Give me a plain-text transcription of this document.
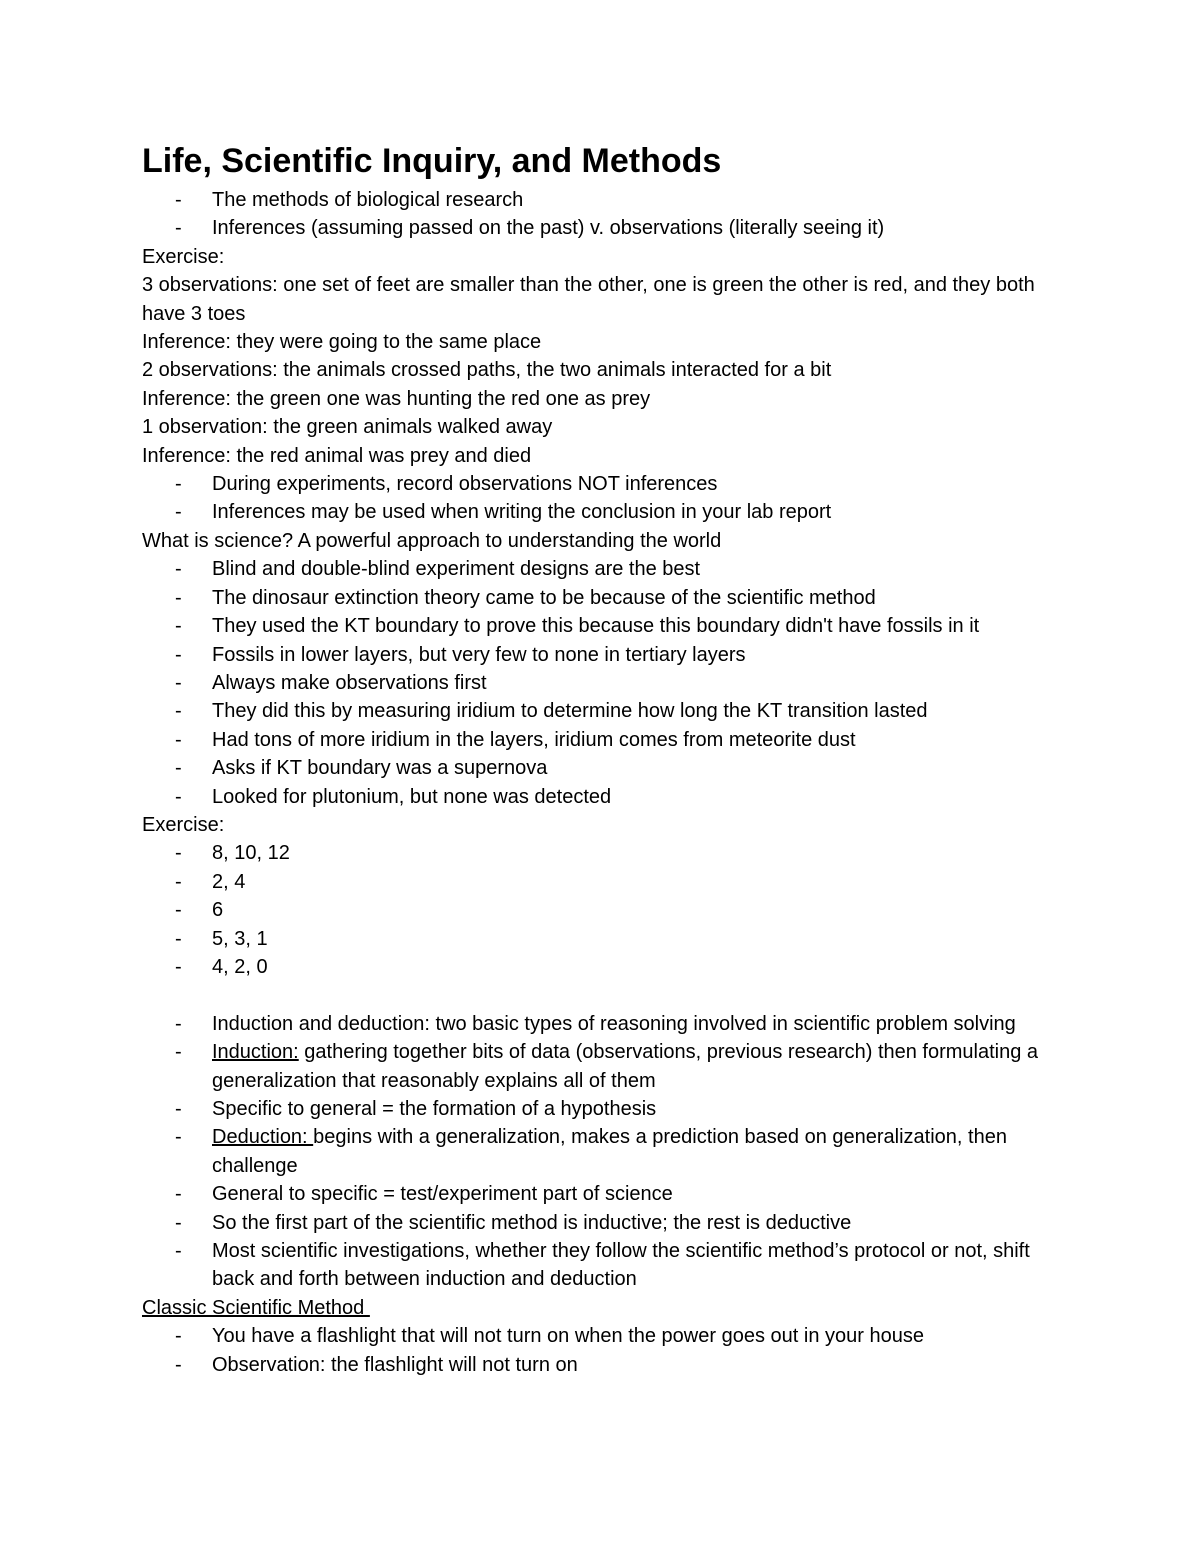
Life, Scientific Inquiry, and Methods
- The methods of biological research
- Inferences (assuming passed on the past) v. observations (literally seeing it)
Exercise:
3 observations: one set of feet are smaller than the other, one is green the other is red, and they both have 3 toes
Inference: they were going to the same place
2 observations: the animals crossed paths, the two animals interacted for a bit
Inference: the green one was hunting the red one as prey
1 observation: the green animals walked away
Inference: the red animal was prey and died
- During experiments, record observations NOT inferences
- Inferences may be used when writing the conclusion in your lab report
What is science? A powerful approach to understanding the world
- Blind and double-blind experiment designs are the best
- The dinosaur extinction theory came to be because of the scientific method
- They used the KT boundary to prove this because this boundary didn't have fossils in it
- Fossils in lower layers, but very few to none in tertiary layers
- Always make observations first
- They did this by measuring iridium to determine how long the KT transition lasted
- Had tons of more iridium in the layers, iridium comes from meteorite dust
- Asks if KT boundary was a supernova
- Looked for plutonium, but none was detected
Exercise:
- 8, 10, 12
- 2, 4
- 6
- 5, 3, 1
- 4, 2, 0
- Induction and deduction: two basic types of reasoning involved in scientific problem solving
- Induction: gathering together bits of data (observations, previous research) then formulating a generalization that reasonably explains all of them
- Specific to general = the formation of a hypothesis
- Deduction: begins with a generalization, makes a prediction based on generalization, then challenge
- General to specific = test/experiment part of science
- So the first part of the scientific method is inductive; the rest is deductive
- Most scientific investigations, whether they follow the scientific method’s protocol or not, shift back and forth between induction and deduction
Classic Scientific Method
- You have a flashlight that will not turn on when the power goes out in your house
- Observation: the flashlight will not turn on
